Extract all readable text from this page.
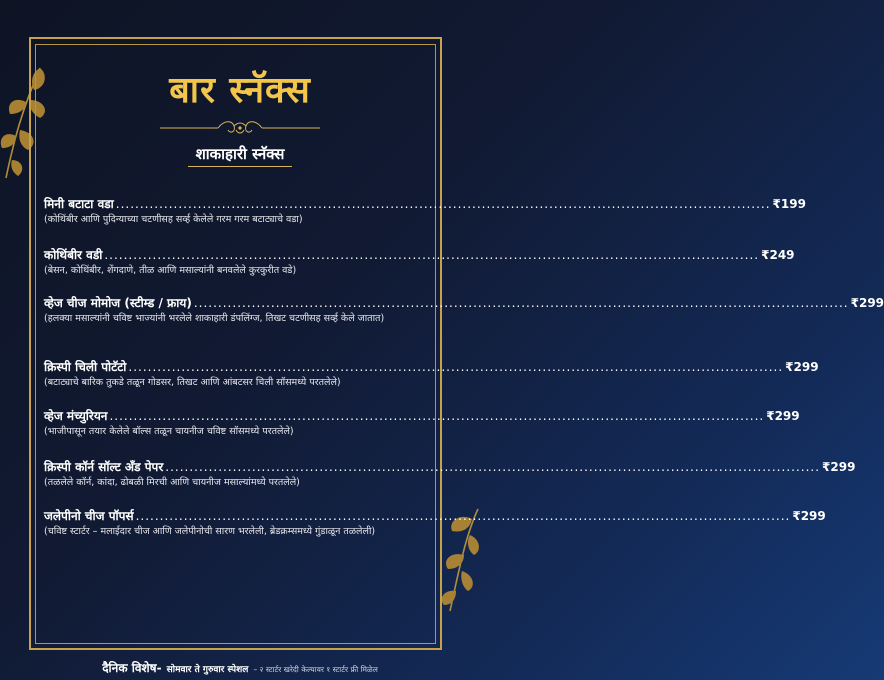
बार स्नॅक्स
शाकाहारी स्नॅक्स
मिनी बटाटा वडा ........................................................................................................................................ ₹199
(कोथिंबीर आणि पुदिन्याच्या चटणीसह सर्व्ह केलेले गरम गरम बटाट्याचे वडा)
कोथिंबीर वडी ........................................................................................................................................ ₹249
(बेसन, कोथिंबीर, शेंगदाणे, तीळ आणि मसाल्यांनी बनवलेले कुरकुरीत वडे)
व्हेज चीज मोमोज (स्टीम्ड / फ्राय) ........................................................................................................................................ ₹299
(हलक्या मसाल्यांनी चविष्ट भाज्यांनी भरलेले शाकाहारी डंपलिंग्ज, तिखट चटणीसह सर्व्ह केले जातात)
क्रिस्पी चिली पोटॅटो ........................................................................................................................................ ₹299
(बटाट्याचे बारिक तुकडे तळून गोडसर, तिखट आणि आंबटसर चिली सॉसमध्ये परतलेले)
व्हेज मंच्युरियन ........................................................................................................................................ ₹299
(भाजीपासून तयार केलेले बॉल्स तळून चायनीज चविष्ट सॉसमध्ये परतलेले)
क्रिस्पी कॉर्न सॉल्ट अँड पेपर ........................................................................................................................................ ₹299
(तळलेले कॉर्न, कांदा, ढोबळी मिरची आणि चायनीज मसाल्यांमध्ये परतलेले)
जलेपीनो चीज पॉपर्स ........................................................................................................................................ ₹299
(चविष्ट स्टार्टर – मलाईदार चीज आणि जलेपीनोची सारण भरलेली, ब्रेडक्रम्समध्ये गुंडाळून तळलेली)
दैनिक विशेष- सोमवार ते गुरुवार स्पेशल – २ स्टार्टर खरेदी केल्यावर १ स्टार्टर फ्री मिळेल
